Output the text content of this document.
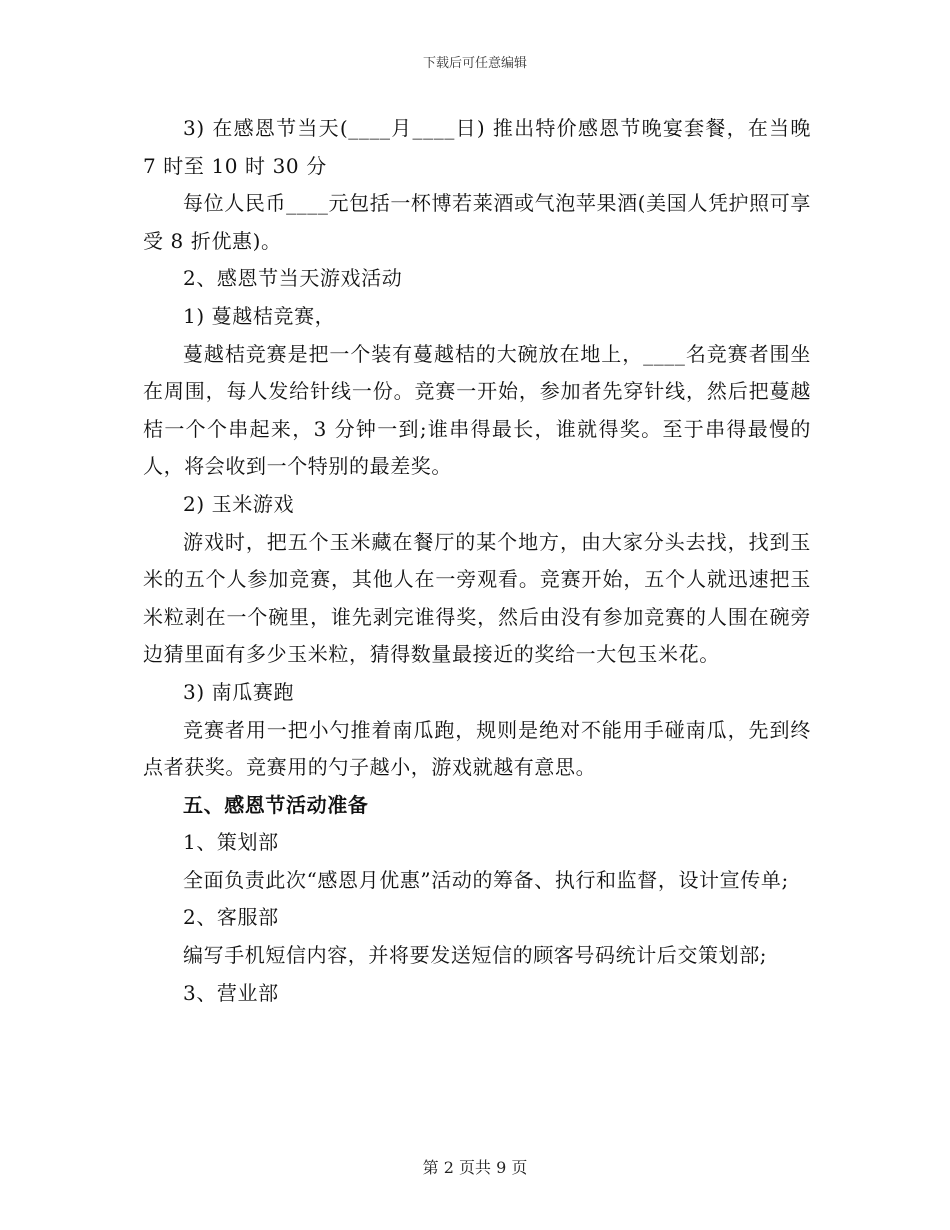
下载后可任意编辑

3) 在感恩节当天(____月____日) 推出特价感恩节晚宴套餐，在当晚 7 时至 10 时 30 分

每位人民币____元包括一杯博若莱酒或气泡苹果酒(美国人凭护照可享受 8 折优惠)。

2、感恩节当天游戏活动

1) 蔓越桔竞赛，

蔓越桔竞赛是把一个装有蔓越桔的大碗放在地上，____名竞赛者围坐在周围，每人发给针线一份。竞赛一开始，参加者先穿针线，然后把蔓越桔一个个串起来，3 分钟一到;谁串得最长，谁就得奖。至于串得最慢的人，将会收到一个特别的最差奖。

2) 玉米游戏

游戏时，把五个玉米藏在餐厅的某个地方，由大家分头去找，找到玉米的五个人参加竞赛，其他人在一旁观看。竞赛开始，五个人就迅速把玉米粒剥在一个碗里，谁先剥完谁得奖，然后由没有参加竞赛的人围在碗旁边猜里面有多少玉米粒，猜得数量最接近的奖给一大包玉米花。

3) 南瓜赛跑

竞赛者用一把小勺推着南瓜跑，规则是绝对不能用手碰南瓜，先到终点者获奖。竞赛用的勺子越小，游戏就越有意思。

五、感恩节活动准备

1、策划部

全面负责此次“感恩月优惠”活动的筹备、执行和监督，设计宣传单;

2、客服部

编写手机短信内容，并将要发送短信的顾客号码统计后交策划部;

3、营业部

第 2 页共 9 页
